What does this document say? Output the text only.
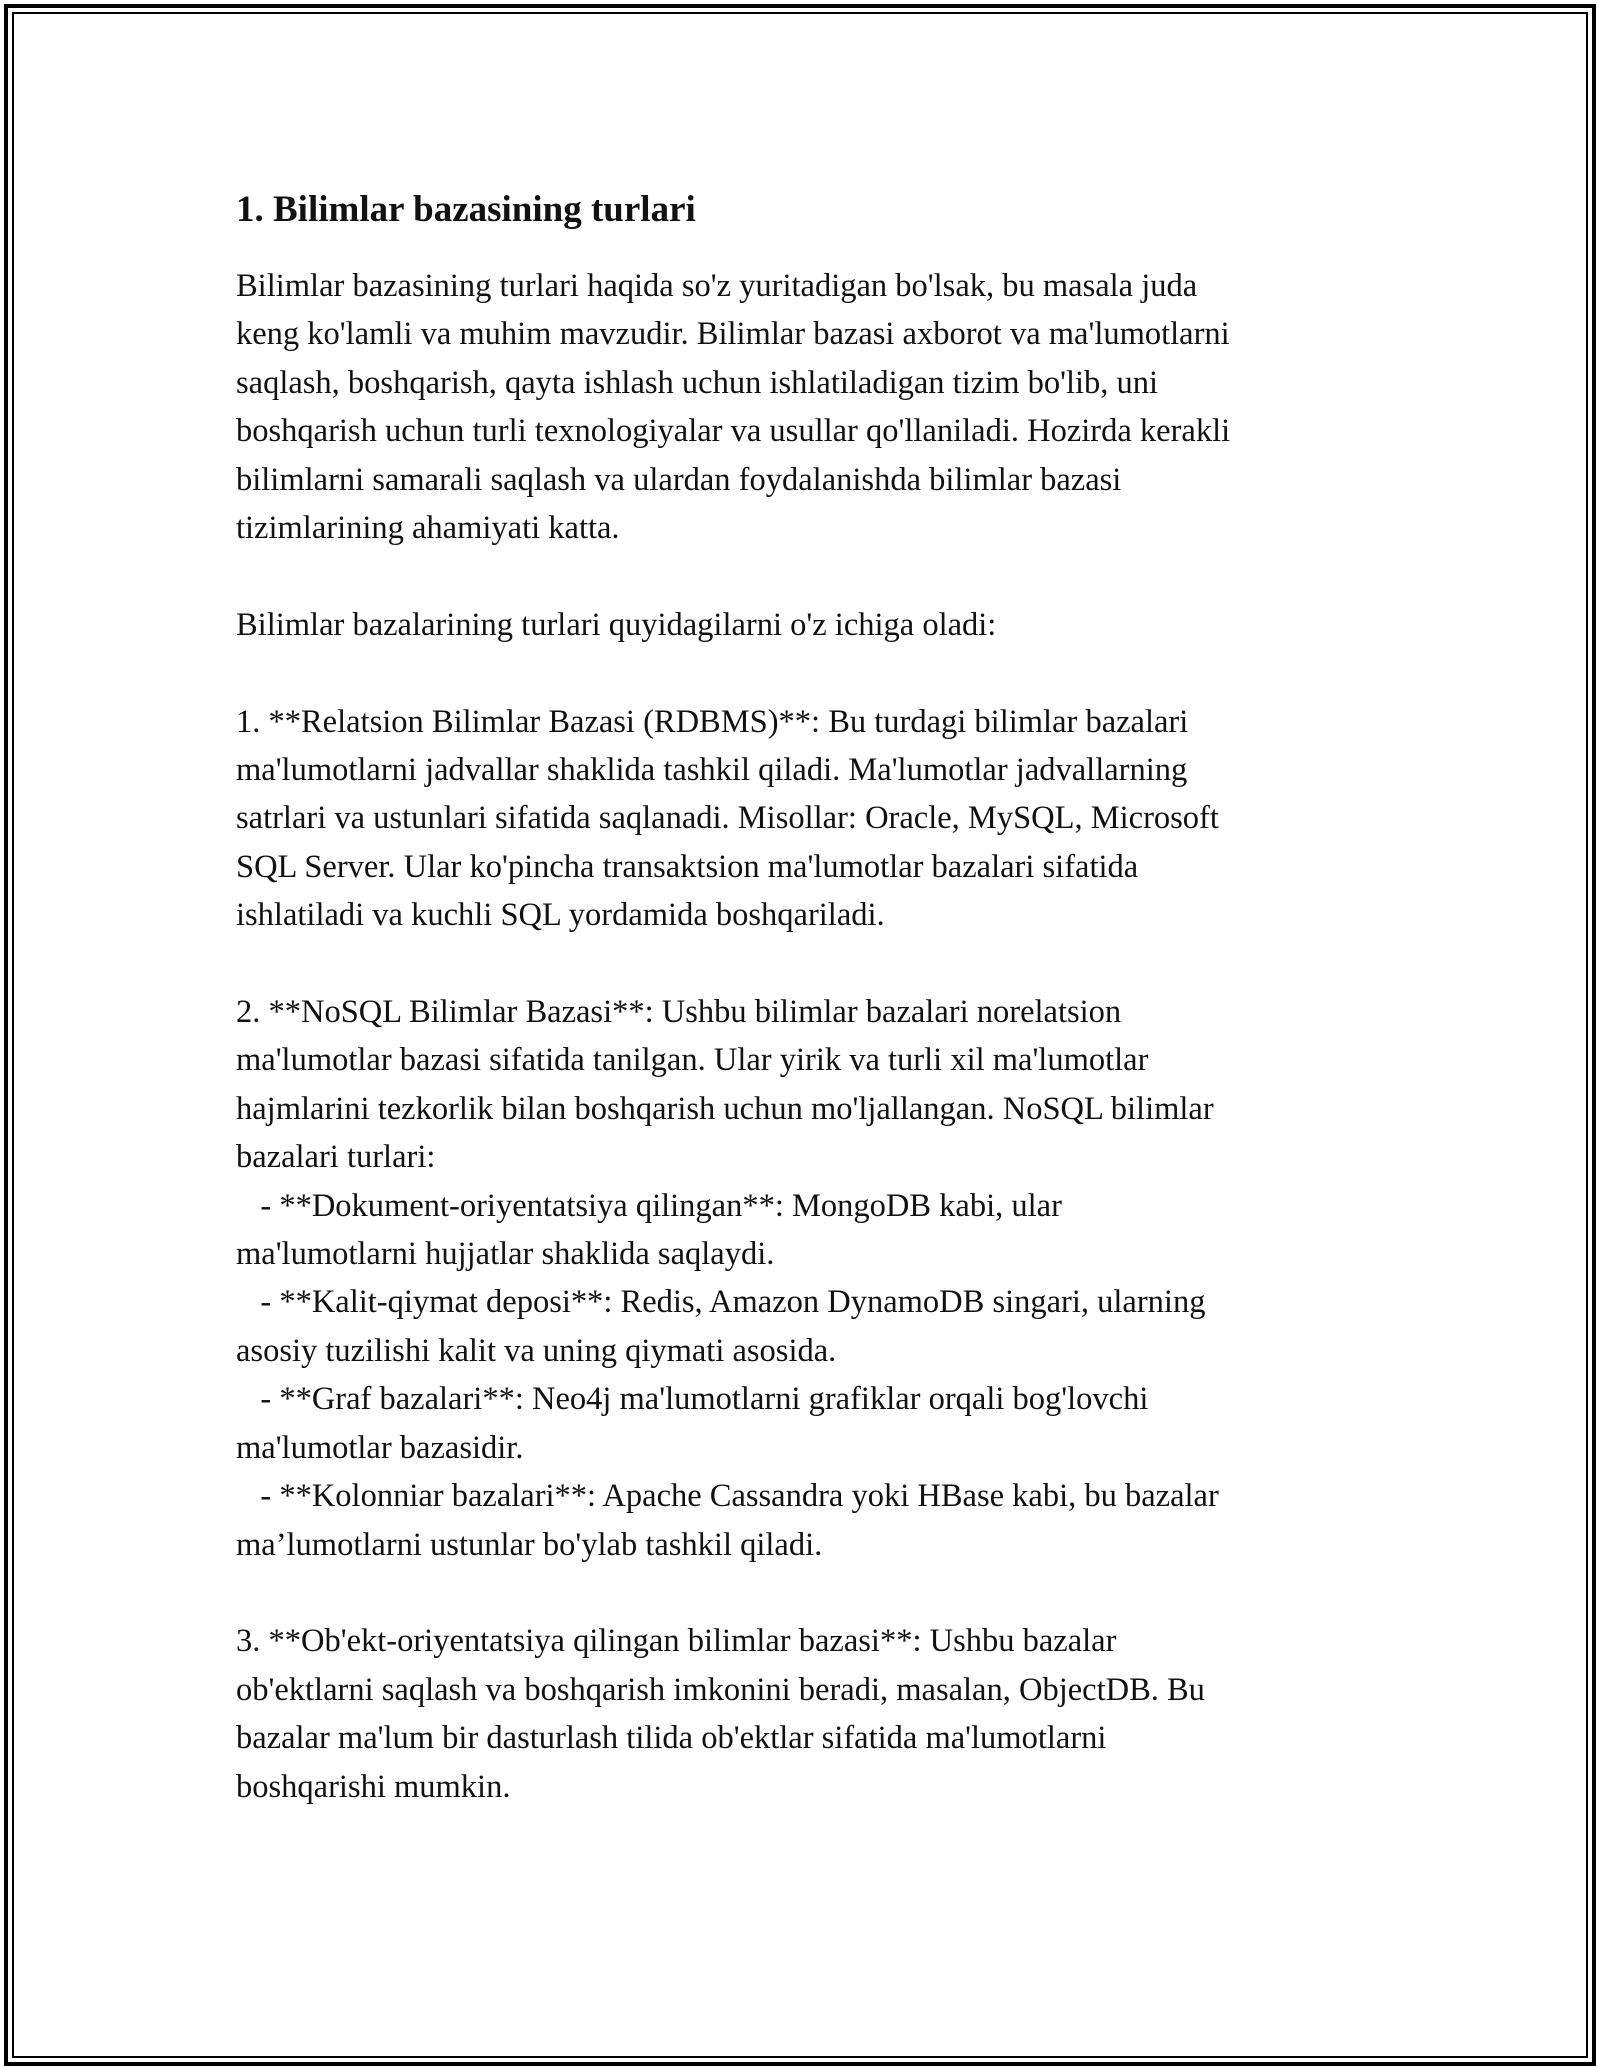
1. Bilimlar bazasining turlari

Bilimlar bazasining turlari haqida so'z yuritadigan bo'lsak, bu masala juda
keng ko'lamli va muhim mavzudir. Bilimlar bazasi axborot va ma'lumotlarni
saqlash, boshqarish, qayta ishlash uchun ishlatiladigan tizim bo'lib, uni
boshqarish uchun turli texnologiyalar va usullar qo'llaniladi. Hozirda kerakli
bilimlarni samarali saqlash va ulardan foydalanishda bilimlar bazasi
tizimlarining ahamiyati katta.

Bilimlar bazalarining turlari quyidagilarni o'z ichiga oladi:

1. **Relatsion Bilimlar Bazasi (RDBMS)**: Bu turdagi bilimlar bazalari
ma'lumotlarni jadvallar shaklida tashkil qiladi. Ma'lumotlar jadvallarning
satrlari va ustunlari sifatida saqlanadi. Misollar: Oracle, MySQL, Microsoft
SQL Server. Ular ko'pincha transaktsion ma'lumotlar bazalari sifatida
ishlatiladi va kuchli SQL yordamida boshqariladi.

2. **NoSQL Bilimlar Bazasi**: Ushbu bilimlar bazalari norelatsion
ma'lumotlar bazasi sifatida tanilgan. Ular yirik va turli xil ma'lumotlar
hajmlarini tezkorlik bilan boshqarish uchun mo'ljallangan. NoSQL bilimlar
bazalari turlari:
- **Dokument-oriyentatsiya qilingan**: MongoDB kabi, ular
ma'lumotlarni hujjatlar shaklida saqlaydi.
- **Kalit-qiymat deposi**: Redis, Amazon DynamoDB singari, ularning
asosiy tuzilishi kalit va uning qiymati asosida.
- **Graf bazalari**: Neo4j ma'lumotlarni grafiklar orqali bog'lovchi
ma'lumotlar bazasidir.
- **Kolonniar bazalari**: Apache Cassandra yoki HBase kabi, bu bazalar
ma’lumotlarni ustunlar bo'ylab tashkil qiladi.

3. **Ob'ekt-oriyentatsiya qilingan bilimlar bazasi**: Ushbu bazalar
ob'ektlarni saqlash va boshqarish imkonini beradi, masalan, ObjectDB. Bu
bazalar ma'lum bir dasturlash tilida ob'ektlar sifatida ma'lumotlarni
boshqarishi mumkin.
